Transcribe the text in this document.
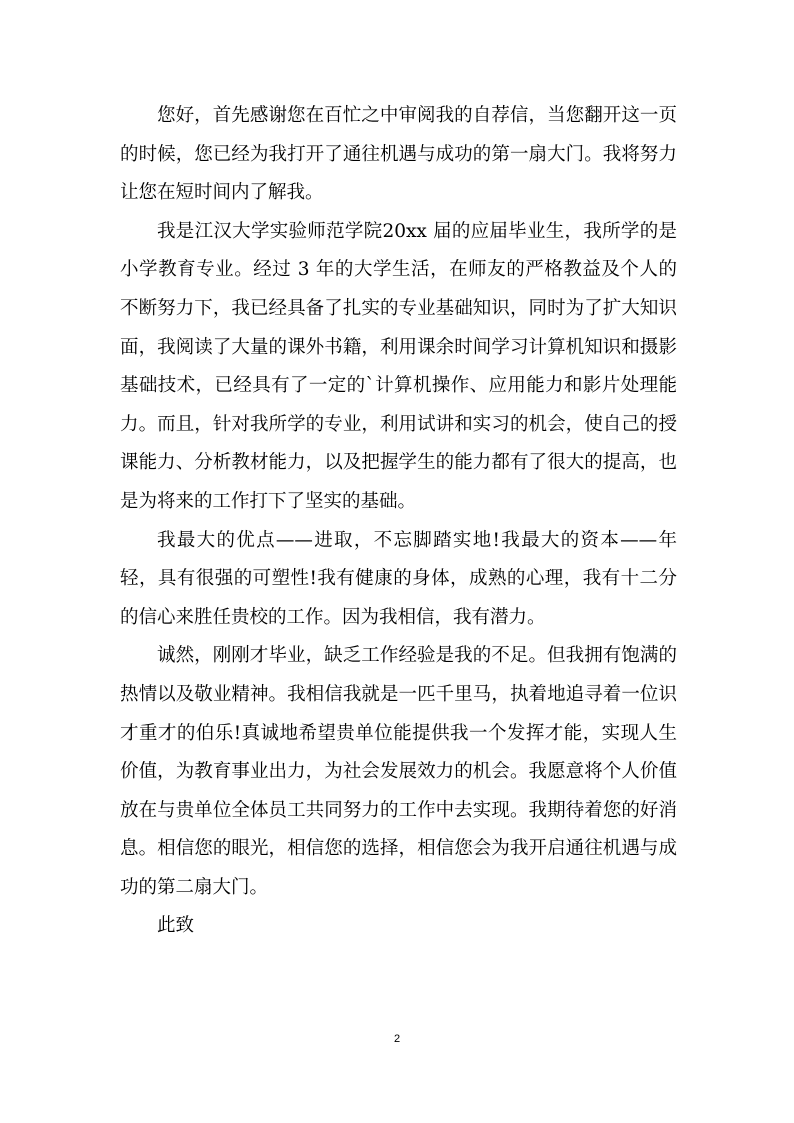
您好，首先感谢您在百忙之中审阅我的自荐信，当您翻开这一页的时候，您已经为我打开了通往机遇与成功的第一扇大门。我将努力让您在短时间内了解我。

我是江汉大学实验师范学院20xx 届的应届毕业生，我所学的是小学教育专业。经过 3 年的大学生活，在师友的严格教益及个人的不断努力下，我已经具备了扎实的专业基础知识，同时为了扩大知识面，我阅读了大量的课外书籍，利用课余时间学习计算机知识和摄影基础技术，已经具有了一定的`计算机操作、应用能力和影片处理能力。而且，针对我所学的专业，利用试讲和实习的机会，使自己的授课能力、分析教材能力，以及把握学生的能力都有了很大的提高，也是为将来的工作打下了坚实的基础。

我最大的优点——进取，不忘脚踏实地!我最大的资本——年轻，具有很强的可塑性!我有健康的身体，成熟的心理，我有十二分的信心来胜任贵校的工作。因为我相信，我有潜力。

诚然，刚刚才毕业，缺乏工作经验是我的不足。但我拥有饱满的热情以及敬业精神。我相信我就是一匹千里马，执着地追寻着一位识才重才的伯乐!真诚地希望贵单位能提供我一个发挥才能，实现人生价值，为教育事业出力，为社会发展效力的机会。我愿意将个人价值放在与贵单位全体员工共同努力的工作中去实现。我期待着您的好消息。相信您的眼光，相信您的选择，相信您会为我开启通往机遇与成功的第二扇大门。

此致

2
